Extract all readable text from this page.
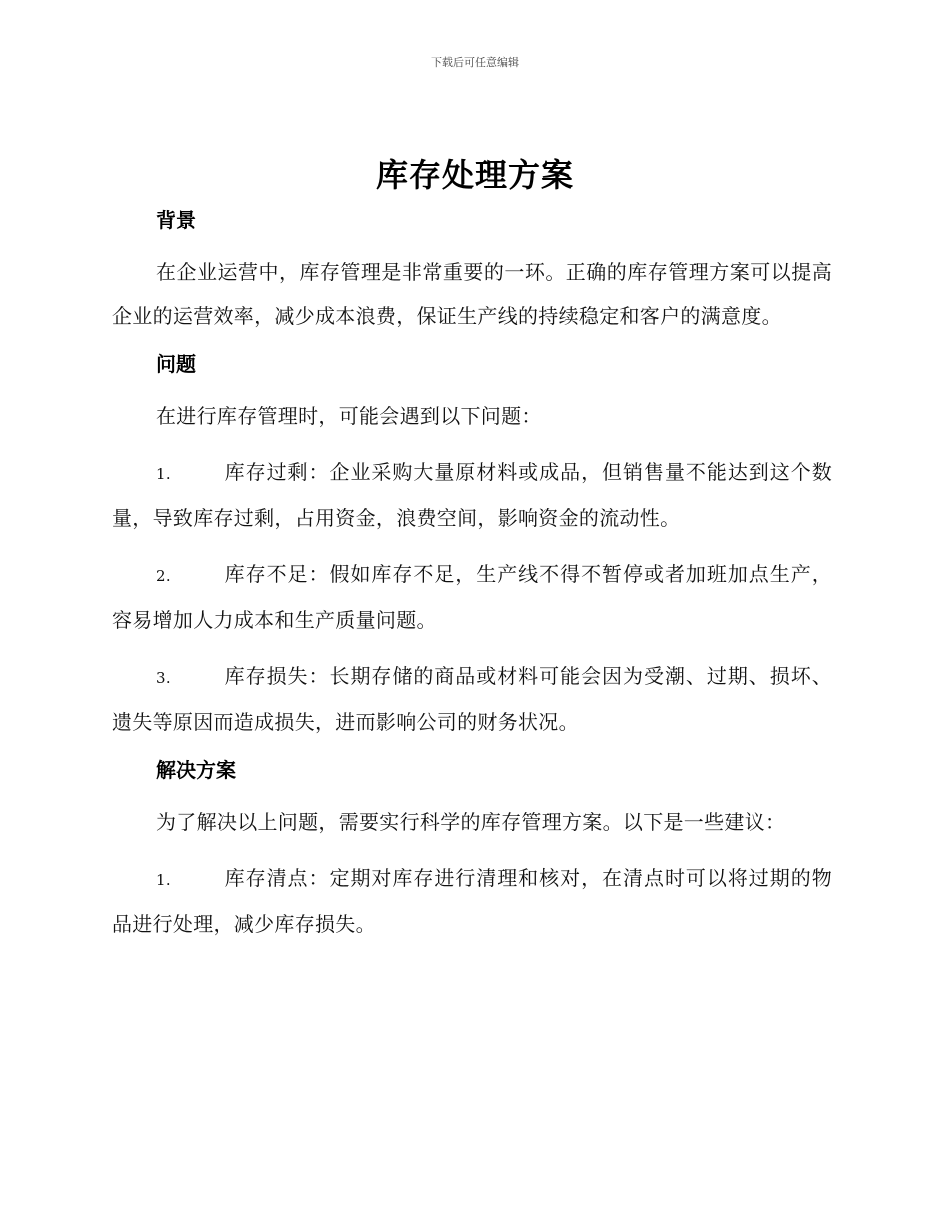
下载后可任意编辑
库存处理方案
背景

在企业运营中，库存管理是非常重要的一环。正确的库存管理方案可以提高企业的运营效率，减少成本浪费，保证生产线的持续稳定和客户的满意度。

问题

在进行库存管理时，可能会遇到以下问题：

1.	库存过剩：企业采购大量原材料或成品，但销售量不能达到这个数量，导致库存过剩，占用资金，浪费空间，影响资金的流动性。

2.	库存不足：假如库存不足，生产线不得不暂停或者加班加点生产，容易增加人力成本和生产质量问题。

3.	库存损失：长期存储的商品或材料可能会因为受潮、过期、损坏、遗失等原因而造成损失，进而影响公司的财务状况。

解决方案

为了解决以上问题，需要实行科学的库存管理方案。以下是一些建议：

1.	库存清点：定期对库存进行清理和核对，在清点时可以将过期的物品进行处理，减少库存损失。
